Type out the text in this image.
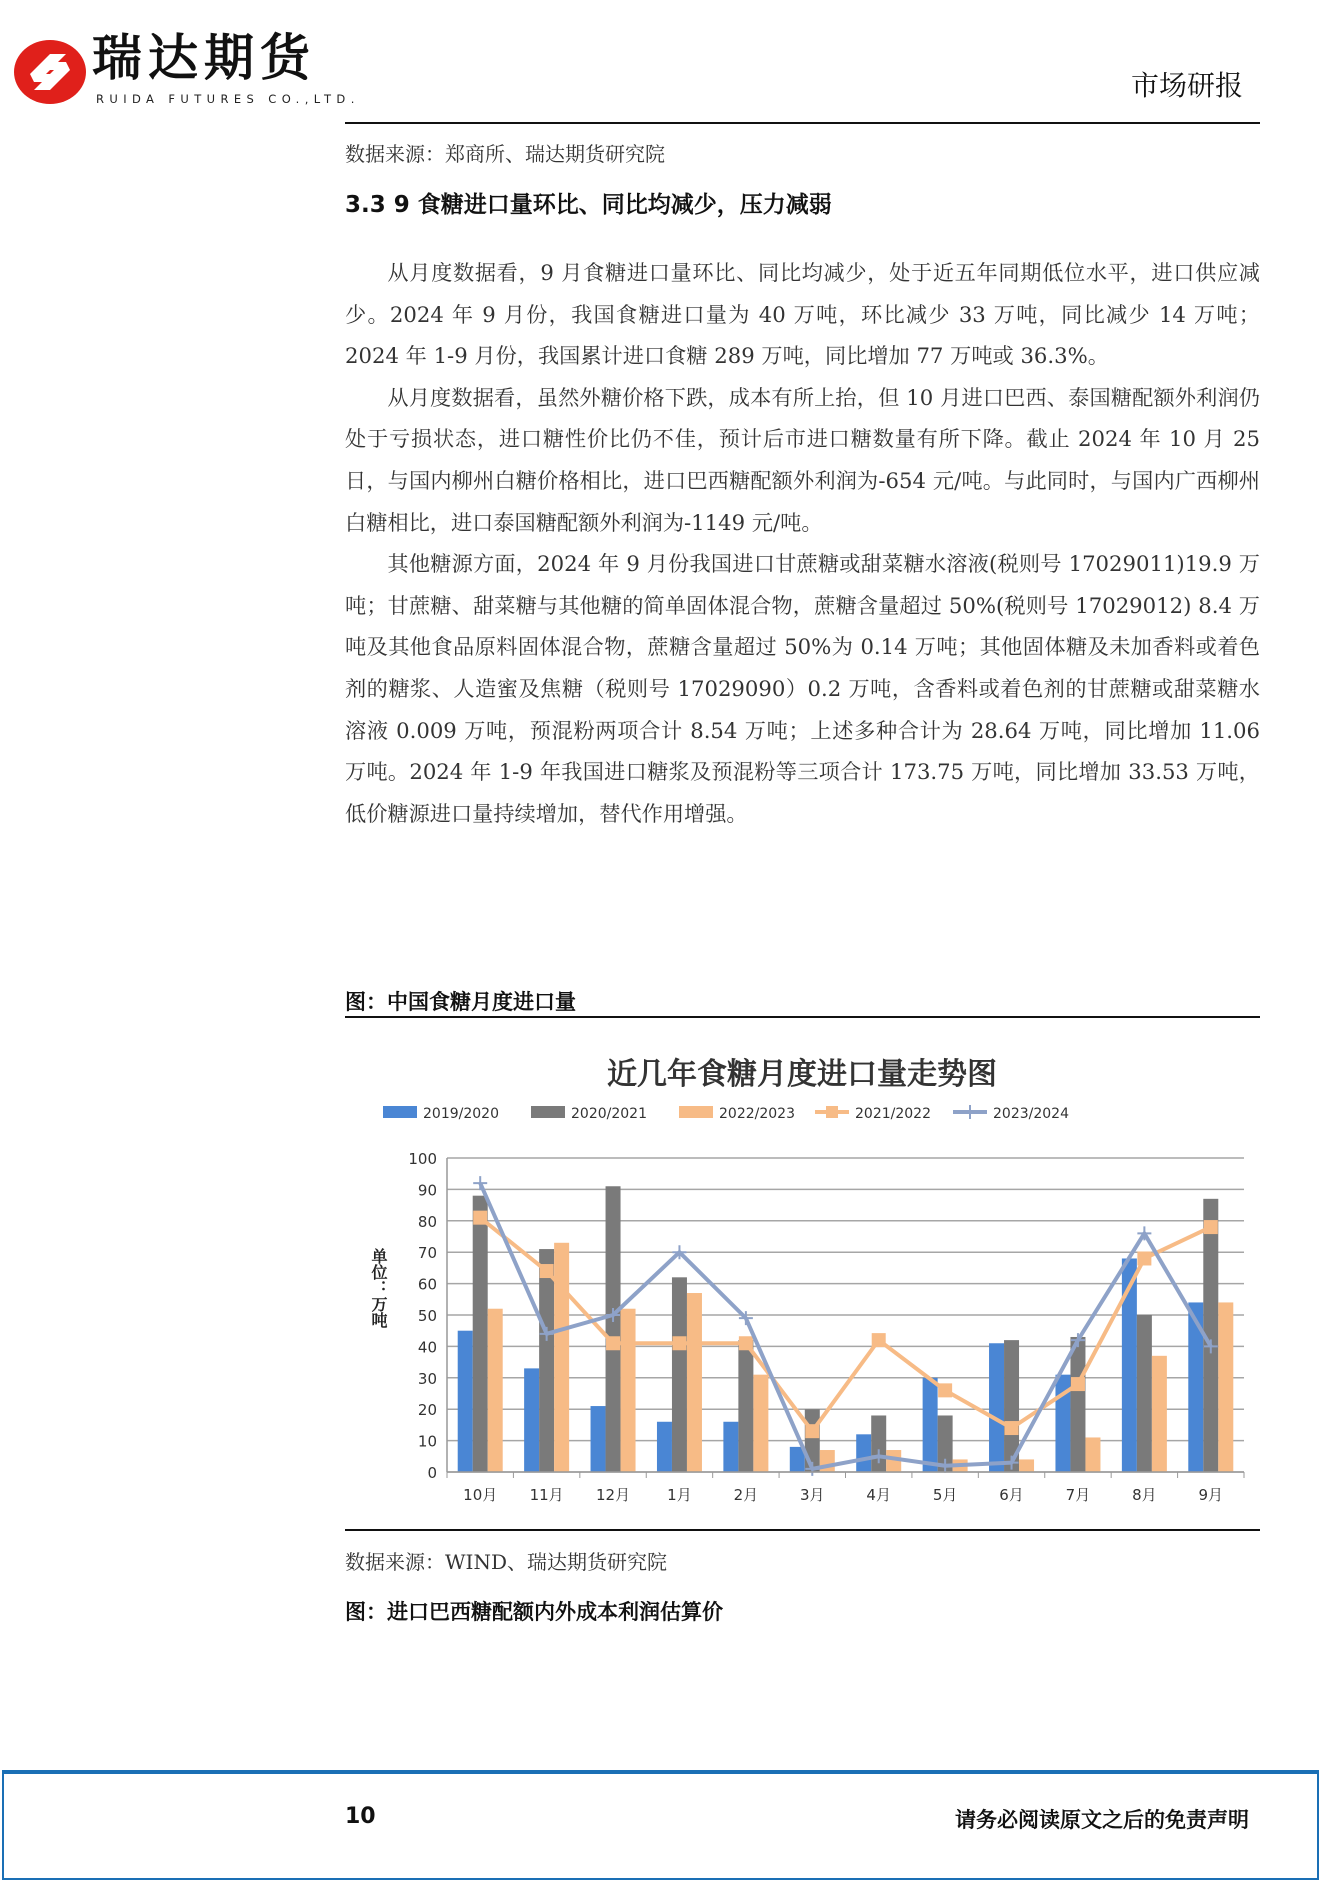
瑞达期货
RUIDA FUTURES CO.,LTD.	市场研报
数据来源：郑商所、瑞达期货研究院
3.3 9 食糖进口量环比、同比均减少，压力减弱

从月度数据看，9 月食糖进口量环比、同比均减少，处于近五年同期低位水平，进口供应减少。2024 年 9 月份，我国食糖进口量为 40 万吨，环比减少 33 万吨，同比减少 14 万吨；2024 年 1-9 月份，我国累计进口食糖 289 万吨，同比增加 77 万吨或 36.3%。

从月度数据看，虽然外糖价格下跌，成本有所上抬，但 10 月进口巴西、泰国糖配额外利润仍处于亏损状态，进口糖性价比仍不佳，预计后市进口糖数量有所下降。截止 2024 年 10 月 25 日，与国内柳州白糖价格相比，进口巴西糖配额外利润为-654 元/吨。与此同时，与国内广西柳州白糖相比，进口泰国糖配额外利润为-1149 元/吨。

其他糖源方面，2024 年 9 月份我国进口甘蔗糖或甜菜糖水溶液(税则号 17029011)19.9 万吨；甘蔗糖、甜菜糖与其他糖的简单固体混合物，蔗糖含量超过 50%(税则号 17029012) 8.4 万吨及其他食品原料固体混合物，蔗糖含量超过 50%为 0.14 万吨；其他固体糖及未加香料或着色剂的糖浆、人造蜜及焦糖（税则号 17029090）0.2 万吨，含香料或着色剂的甘蔗糖或甜菜糖水溶液 0.009 万吨，预混粉两项合计 8.54 万吨；上述多种合计为 28.64 万吨，同比增加 11.06 万吨。2024 年 1-9 年我国进口糖浆及预混粉等三项合计 173.75 万吨，同比增加 33.53 万吨，低价糖源进口量持续增加，替代作用增强。

图：中国食糖月度进口量
近几年食糖月度进口量走势图
2019/2020	2020/2021	2022/2023	2021/2022	2023/2024
0
10
20
30
40
50
60
70
80
90
100
10月 11月 12月 1月	2月	3月	4月	5月	6月	7月	8月	9月
单位：万吨
数据来源：WIND、瑞达期货研究院
图：进口巴西糖配额内外成本利润估算价
10	请务必阅读原文之后的免责声明
